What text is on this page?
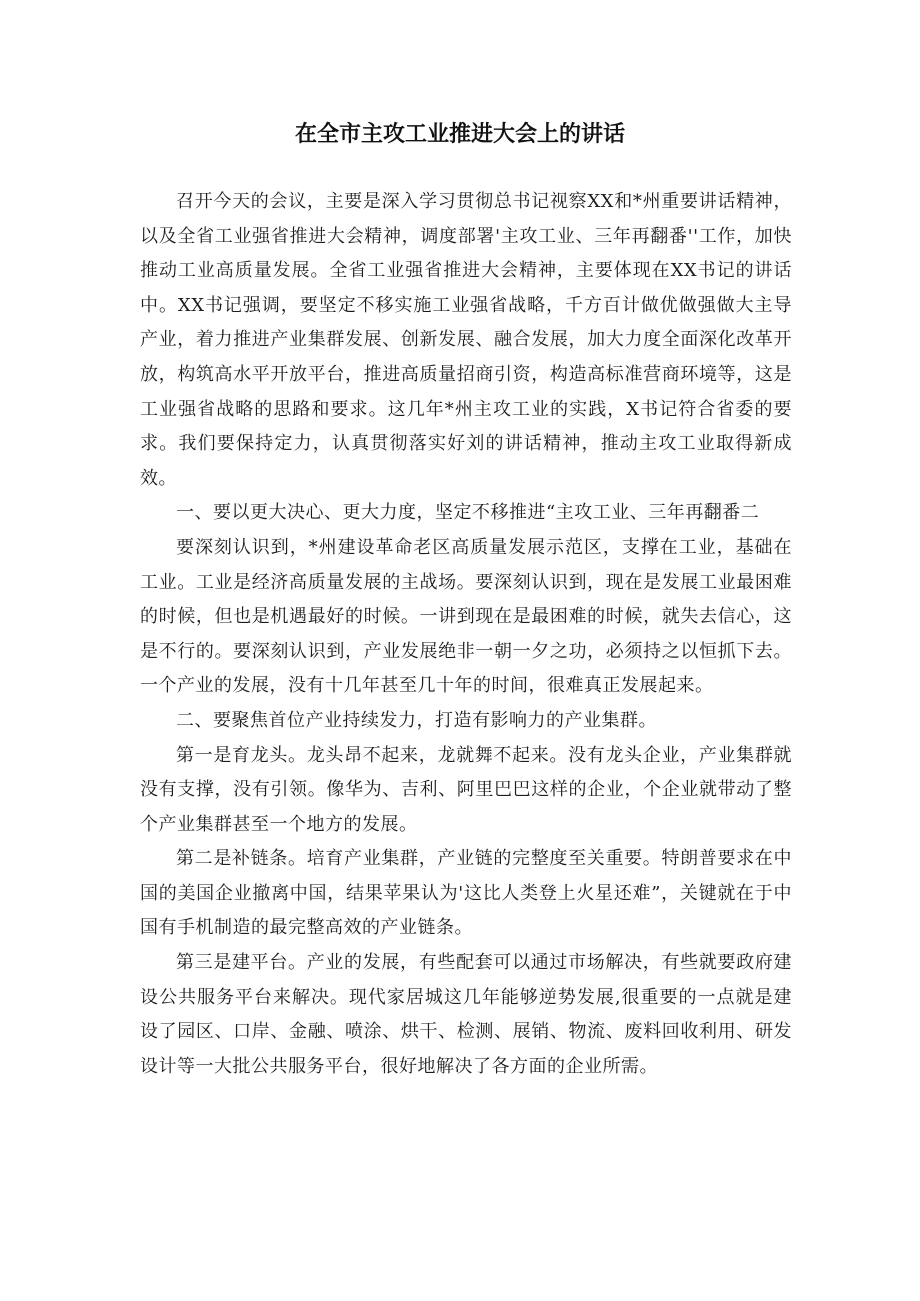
在全市主攻工业推进大会上的讲话

召开今天的会议，主要是深入学习贯彻总书记视察XX和*州重要讲话精神，以及全省工业强省推进大会精神，调度部署'主攻工业、三年再翻番''工作，加快推动工业高质量发展。全省工业强省推进大会精神，主要体现在XX书记的讲话中。XX书记强调，要坚定不移实施工业强省战略，千方百计做优做强做大主导产业，着力推进产业集群发展、创新发展、融合发展，加大力度全面深化改革开放，构筑高水平开放平台，推进高质量招商引资，构造高标准营商环境等，这是工业强省战略的思路和要求。这几年*州主攻工业的实践，X书记符合省委的要求。我们要保持定力，认真贯彻落实好刘的讲话精神，推动主攻工业取得新成效。

一、要以更大决心、更大力度，坚定不移推进“主攻工业、三年再翻番二

要深刻认识到，*州建设革命老区高质量发展示范区，支撑在工业，基础在工业。工业是经济高质量发展的主战场。要深刻认识到，现在是发展工业最困难的时候，但也是机遇最好的时候。一讲到现在是最困难的时候，就失去信心，这是不行的。要深刻认识到，产业发展绝非一朝一夕之功，必须持之以恒抓下去。一个产业的发展，没有十几年甚至几十年的时间，很难真正发展起来。

二、要聚焦首位产业持续发力，打造有影响力的产业集群。

第一是育龙头。龙头昂不起来，龙就舞不起来。没有龙头企业，产业集群就没有支撑，没有引领。像华为、吉利、阿里巴巴这样的企业，个企业就带动了整个产业集群甚至一个地方的发展。

第二是补链条。培育产业集群，产业链的完整度至关重要。特朗普要求在中国的美国企业撤离中国，结果苹果认为'这比人类登上火星还难”，关键就在于中国有手机制造的最完整高效的产业链条。

第三是建平台。产业的发展，有些配套可以通过市场解决，有些就要政府建设公共服务平台来解决。现代家居城这几年能够逆势发展,很重要的一点就是建设了园区、口岸、金融、喷涂、烘干、检测、展销、物流、废料回收利用、研发设计等一大批公共服务平台，很好地解决了各方面的企业所需。
